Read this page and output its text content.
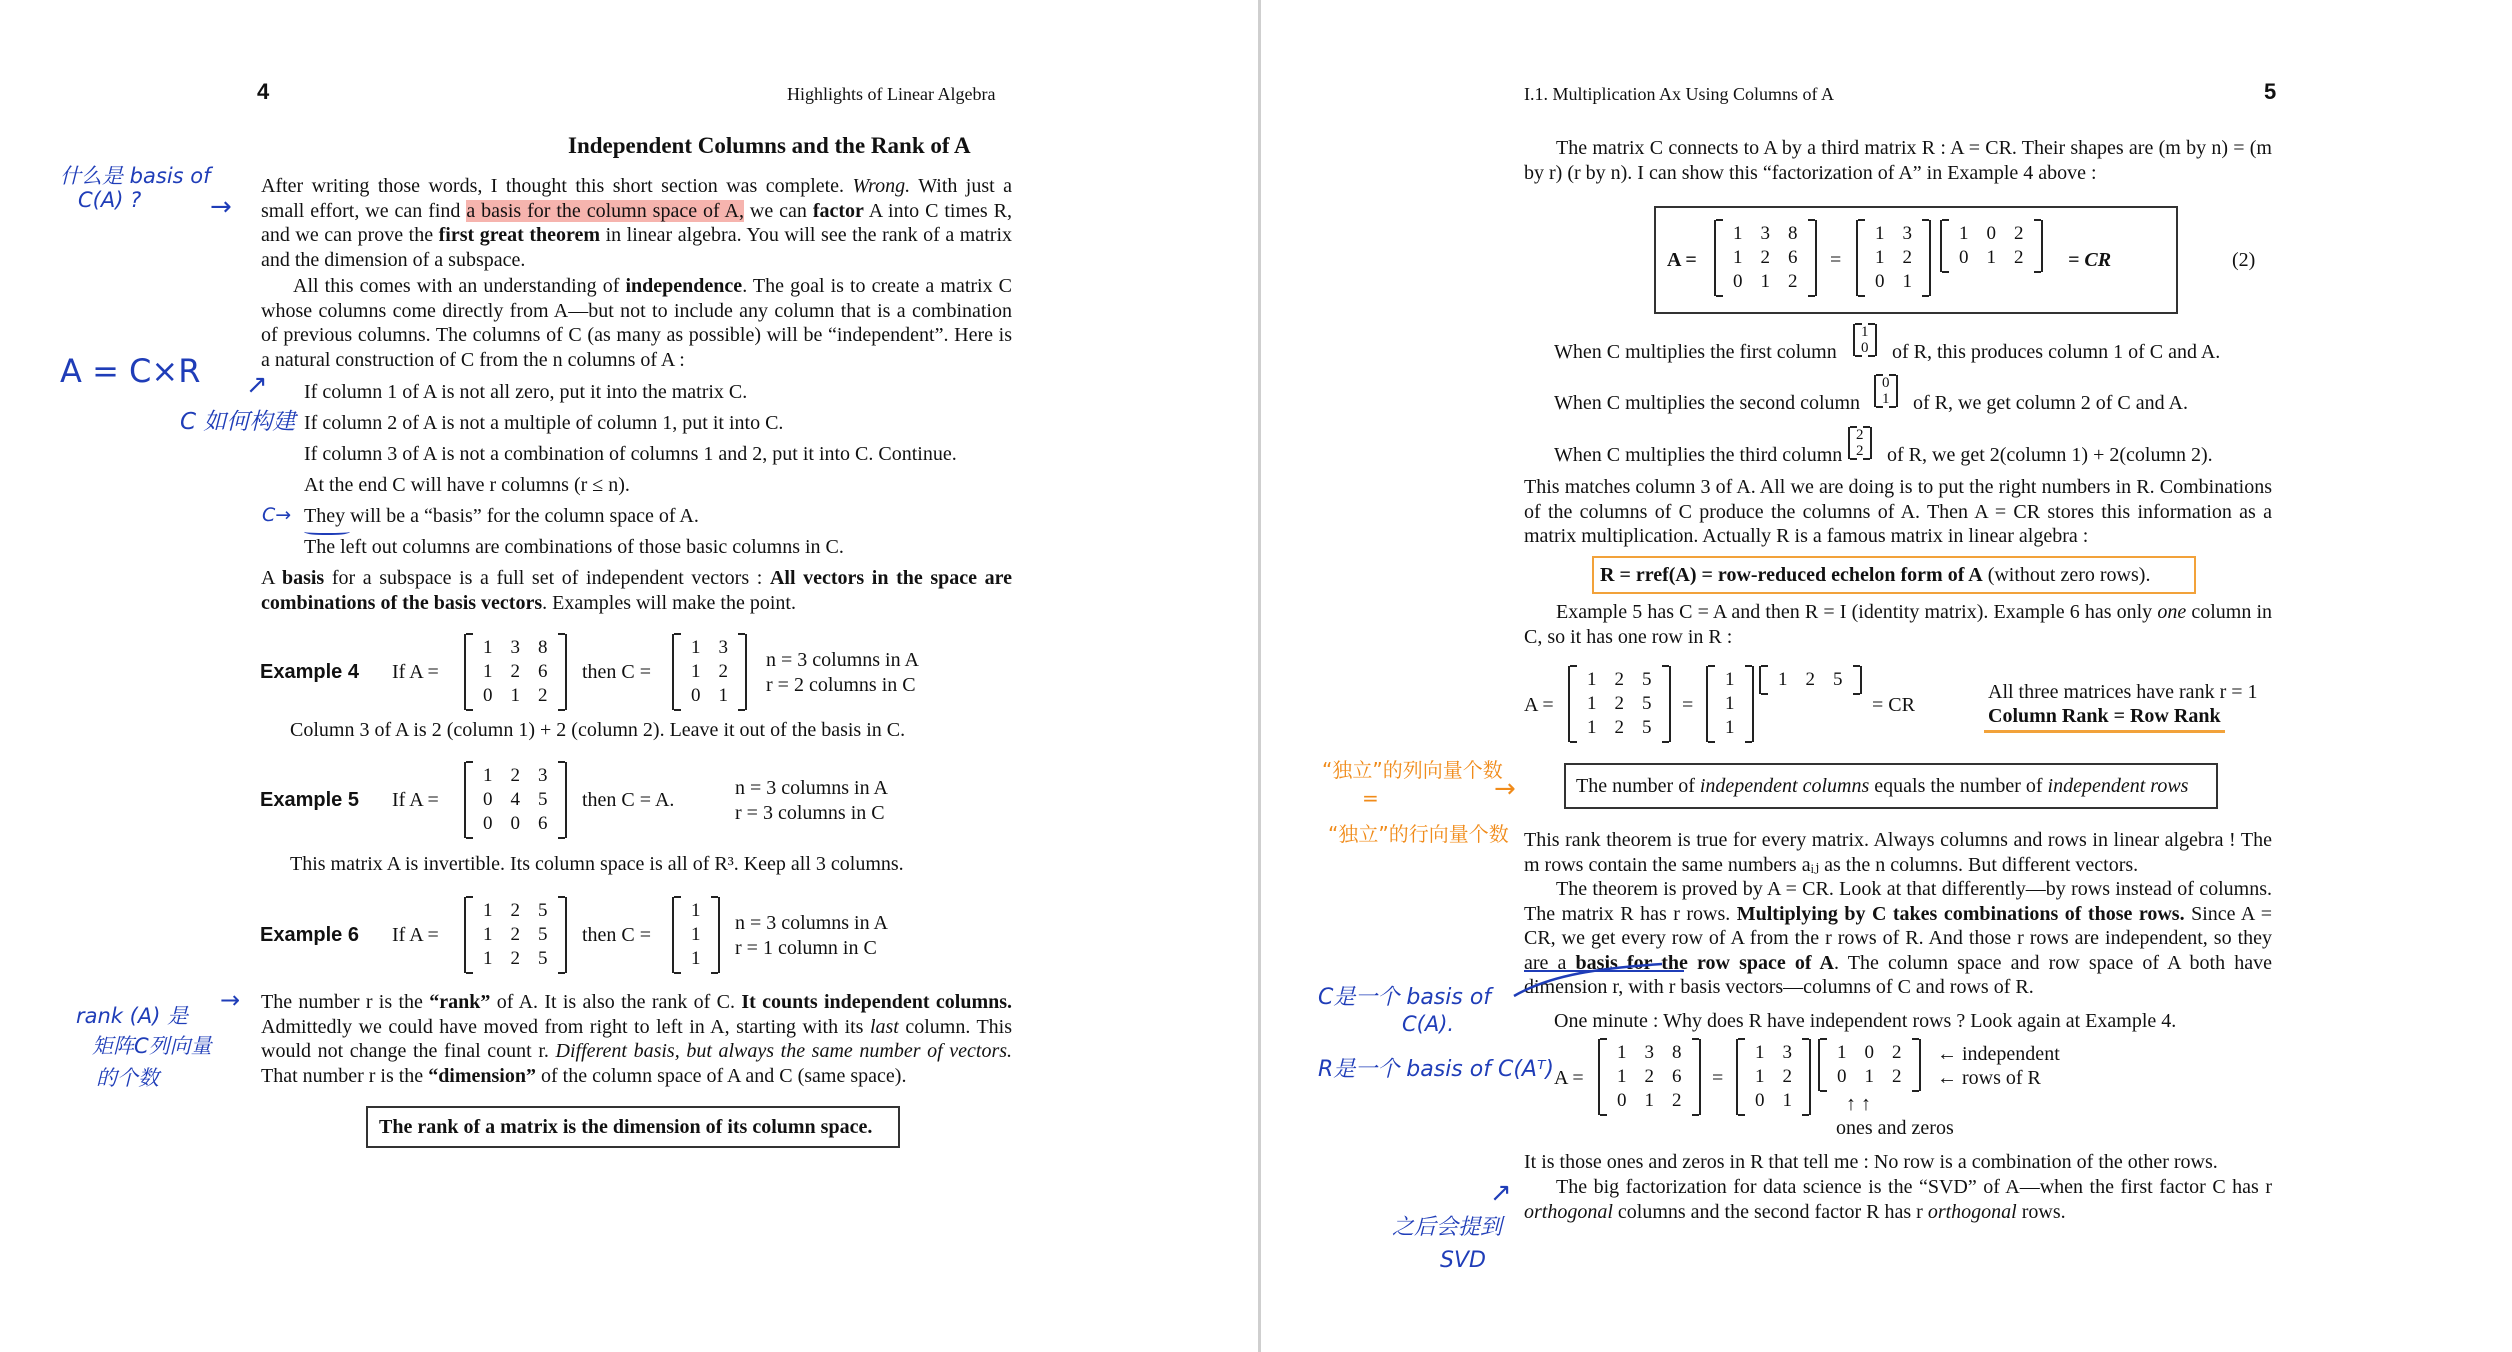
4	Highlights of Linear Algebra
Independent Columns and the Rank of A
After writing those words, I thought this short section was complete. Wrong. With just a small effort, we can find a basis for the column space of A, we can factor A into C times R, and we can prove the first great theorem in linear algebra. You will see the rank of a matrix and the dimension of a subspace.
All this comes with an understanding of independence. The goal is to create a matrix C whose columns come directly from A—but not to include any column that is a combination of previous columns. The columns of C (as many as possible) will be “independent”. Here is a natural construction of C from the n columns of A :
If column 1 of A is not all zero, put it into the matrix C.
If column 2 of A is not a multiple of column 1, put it into C.
If column 3 of A is not a combination of columns 1 and 2, put it into C. Continue.
At the end C will have r columns (r ≤ n).
They will be a “basis” for the column space of A.
The left out columns are combinations of those basic columns in C.
A basis for a subspace is a full set of independent vectors : All vectors in the space are combinations of the basis vectors. Examples will make the point.
Example 4 If A =
1	3	8
1	2	6
0	1	2
then C =
1	3
1	2
0	1
n = 3 columns in A
r = 2 columns in C
Column 3 of A is 2 (column 1) + 2 (column 2). Leave it out of the basis in C.
Example 5 If A =
1	2	3
0	4	5
0	0	6
then C = A.
n = 3 columns in A
r = 3 columns in C
This matrix A is invertible. Its column space is all of R³. Keep all 3 columns.
Example 6 If A =
1	2	5
1	2	5
1	2	5
then C =
1
1
1
n = 3 columns in A
r = 1 column in C
The number r is the “rank” of A. It is also the rank of C. It counts independent columns. Admittedly we could have moved from right to left in A, starting with its last column. This would not change the final count r. Different basis, but always the same number of vectors. That number r is the “dimension” of the column space of A and C (same space).
The rank of a matrix is the dimension of its column space.
什么是 basis of
C(A) ?	→
A = C×R ↗
C 如何构建
C→
rank (A) 是
矩阵C列向量
的个数
→
I.1. Multiplication Ax Using Columns of A	5
The matrix C connects to A by a third matrix R : A = CR. Their shapes are (m by n) = (m by r) (r by n). I can show this “factorization of A” in Example 4 above :
A =
1	3	8
1	2	6
0	1	2
=
1	3
1	2
0	1
1	0	2
0	1	2 = CR	(2)
When C multiplies the first column
1
0 of R, this produces column 1 of C and A.
When C multiplies the second column
0
1 of R, we get column 2 of C and A.
When C multiplies the third column
2
2 of R, we get 2(column 1) + 2(column 2).
This matches column 3 of A. All we are doing is to put the right numbers in R. Combinations of the columns of C produce the columns of A. Then A = CR stores this information as a matrix multiplication. Actually R is a famous matrix in linear algebra :
R = rref(A) = row-reduced echelon form of A (without zero rows).
Example 5 has C = A and then R = I (identity matrix). Example 6 has only one column in C, so it has one row in R :
A =
1	2	5
1	2	5
1	2	5
=
1
1
1
1	2	5
= CR
All three matrices have rank r = 1
Column Rank = Row Rank
The number of independent columns equals the number of independent rows
This rank theorem is true for every matrix. Always columns and rows in linear algebra ! The m rows contain the same numbers aᵢⱼ as the n columns. But different vectors.
The theorem is proved by A = CR. Look at that differently—by rows instead of columns. The matrix R has r rows. Multiplying by C takes combinations of those rows. Since A = CR, we get every row of A from the r rows of R. And those r rows are independent, so they are a basis for the row space of A. The column space and row space of A both have dimension r, with r basis vectors—columns of C and rows of R.
One minute : Why does R have independent rows ? Look again at Example 4.
A =
1	3	8
1	2	6
0	1	2
=
1	3
1	2
0	1
1	0	2
0	1	2
← independent
← rows of R
↑ ↑
ones and zeros
It is those ones and zeros in R that tell me : No row is a combination of the other rows.
The big factorization for data science is the “SVD” of A—when the first factor C has r orthogonal columns and the second factor R has r orthogonal rows.
“独立”的列向量个数
=
“独立”的行向量个数
→
C是一个 basis of
C(A).
R是一个 basis of C(Aᵀ)
之后会提到
SVD
↗
